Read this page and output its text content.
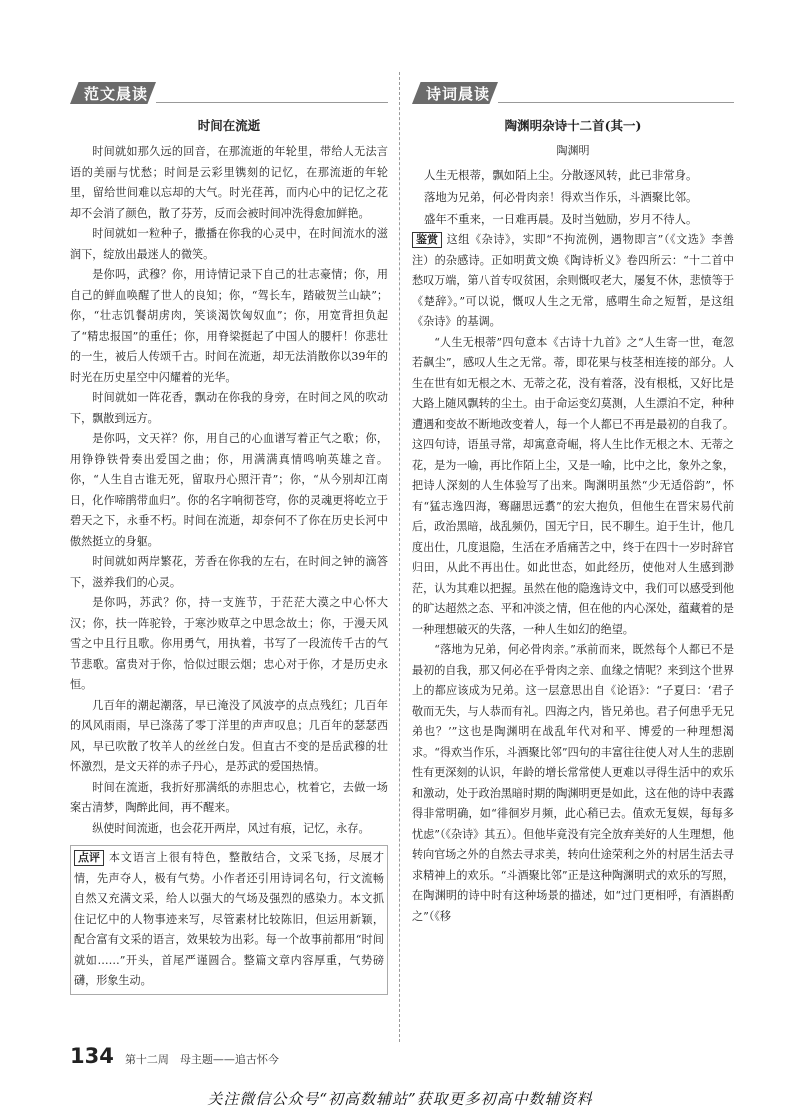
范文晨读
时间在流逝

时间就如那久远的回音，在那流逝的年轮里，带给人无法言语的美丽与忧愁；时间是云彩里镌刻的记忆，在那流逝的年轮里，留给世间难以忘却的大气。时光荏苒，而内心中的记忆之花却不会消了颜色，散了芬芳，反而会被时间冲洗得愈加鲜艳。

时间就如一粒种子，撒播在你我的心灵中，在时间流水的滋润下，绽放出最迷人的微笑。

是你吗，武穆？你，用诗情记录下自己的壮志豪情；你，用自己的鲜血唤醒了世人的良知；你，“驾长车，踏破贺兰山缺”；你，“壮志饥餐胡虏肉，笑谈渴饮匈奴血”；你，用宽背担负起了“精忠报国”的重任；你，用脊梁挺起了中国人的腰杆！你悲壮的一生，被后人传颂千古。时间在流逝，却无法消散你以39年的时光在历史星空中闪耀着的光华。

时间就如一阵花香，飘动在你我的身旁，在时间之风的吹动下，飘散到远方。

是你吗，文天祥？你，用自己的心血谱写着正气之歌；你，用铮铮铁骨奏出爱国之曲；你，用满满真情鸣响英雄之音。你，“人生自古谁无死，留取丹心照汗青”；你，“从今别却江南日，化作啼鹃带血归”。你的名字响彻苍穹，你的灵魂更将屹立于碧天之下，永垂不朽。时间在流逝，却奈何不了你在历史长河中傲然挺立的身躯。

时间就如两岸繁花，芳香在你我的左右，在时间之钟的滴答下，滋养我们的心灵。

是你吗，苏武？你，持一支旌节，于茫茫大漠之中心怀大汉；你，扶一阵驼铃，于寒沙败草之中思念故土；你，于漫天风雪之中且行且歌。你用勇气，用执着，书写了一段流传千古的气节悲歌。富贵对于你，恰似过眼云烟；忠心对于你，才是历史永恒。

几百年的潮起潮落，早已淹没了风波亭的点点残红；几百年的风风雨雨，早已涤荡了零丁洋里的声声叹息；几百年的瑟瑟西风，早已吹散了牧羊人的丝丝白发。但直古不变的是岳武穆的壮怀激烈，是文天祥的赤子丹心，是苏武的爱国热情。

时间在流逝，我折好那满纸的赤胆忠心，枕着它，去做一场案古清梦，陶醉此间，再不醒来。

纵使时间流逝，也会花开两岸，风过有痕，记忆，永存。

点评 本文语言上很有特色，整散结合，文采飞扬，尽展才情，先声夺人，极有气势。小作者还引用诗词名句，行文流畅自然又充满文采，给人以强大的气场及强烈的感染力。本文抓住记忆中的人物事迹来写，尽管素材比较陈旧，但运用新颖，配合富有文采的语言，效果较为出彩。每一个故事前都用“时间就如……”开头，首尾严谨圆合。整篇文章内容厚重，气势磅礴，形象生动。

诗词晨读
陶渊明杂诗十二首(其一)
陶渊明

人生无根蒂，飘如陌上尘。分散逐风转，此已非常身。

落地为兄弟，何必骨肉亲！得欢当作乐，斗酒聚比邻。

盛年不重来，一日难再晨。及时当勉励，岁月不待人。

鉴赏 这组《杂诗》，实即“不拘流例，遇物即言”（《文选》李善注）的杂感诗。正如明黄文焕《陶诗析义》卷四所云：“十二首中愁叹万端，第八首专叹贫困，余则慨叹老大，屡复不休，悲愤等于《楚辞》。”可以说，慨叹人生之无常，感喟生命之短暂，是这组《杂诗》的基调。

“人生无根蒂”四句意本《古诗十九首》之“人生寄一世，奄忽若飙尘”，感叹人生之无常。蒂，即花果与枝茎相连接的部分。人生在世有如无根之木、无蒂之花，没有着落，没有根柢，又好比是大路上随风飘转的尘土。由于命运变幻莫测，人生漂泊不定，种种遭遇和变故不断地改变着人，每一个人都已不再是最初的自我了。这四句诗，语虽寻常，却寓意奇崛，将人生比作无根之木、无蒂之花，是为一喻，再比作陌上尘，又是一喻，比中之比，象外之象，把诗人深刻的人生体验写了出来。陶渊明虽然“少无适俗韵”，怀有“猛志逸四海，骞翮思远翥”的宏大抱负，但他生在晋宋易代前后，政治黑暗，战乱频仍，国无宁日，民不聊生。迫于生计，他几度出仕，几度退隐，生活在矛盾痛苦之中，终于在四十一岁时辞官归田，从此不再出仕。如此世态，如此经历，使他对人生感到渺茫，认为其难以把握。虽然在他的隐逸诗文中，我们可以感受到他的旷达超然之态、平和冲淡之情，但在他的内心深处，蕴藏着的是一种理想破灭的失落，一种人生如幻的绝望。

“落地为兄弟，何必骨肉亲。”承前而来，既然每个人都已不是最初的自我，那又何必在乎骨肉之亲、血缘之情呢？来到这个世界上的都应该成为兄弟。这一层意思出自《论语》：“子夏曰：‘君子敬而无失，与人恭而有礼。四海之内，皆兄弟也。君子何患乎无兄弟也？’”这也是陶渊明在战乱年代对和平、博爱的一种理想渴求。“得欢当作乐，斗酒聚比邻”四句的丰富往往使人对人生的悲剧性有更深刻的认识，年龄的增长常常使人更难以寻得生活中的欢乐和激动，处于政治黑暗时期的陶渊明更是如此，这在他的诗中表露得非常明确，如“徘徊岁月频，此心稍已去。值欢无复娱，每每多忧虑”（《杂诗》其五）。但他毕竟没有完全放弃美好的人生理想，他转向官场之外的自然去寻求美，转向仕途荣利之外的村居生活去寻求精神上的欢乐。“斗酒聚比邻”正是这种陶渊明式的欢乐的写照，在陶渊明的诗中时有这种场景的描述，如“过门更相呼，有酒斟酌之”（《移

134 第十二周　母主题——追古怀今
关注微信公众号“初高数辅站”获取更多初高中数辅资料
